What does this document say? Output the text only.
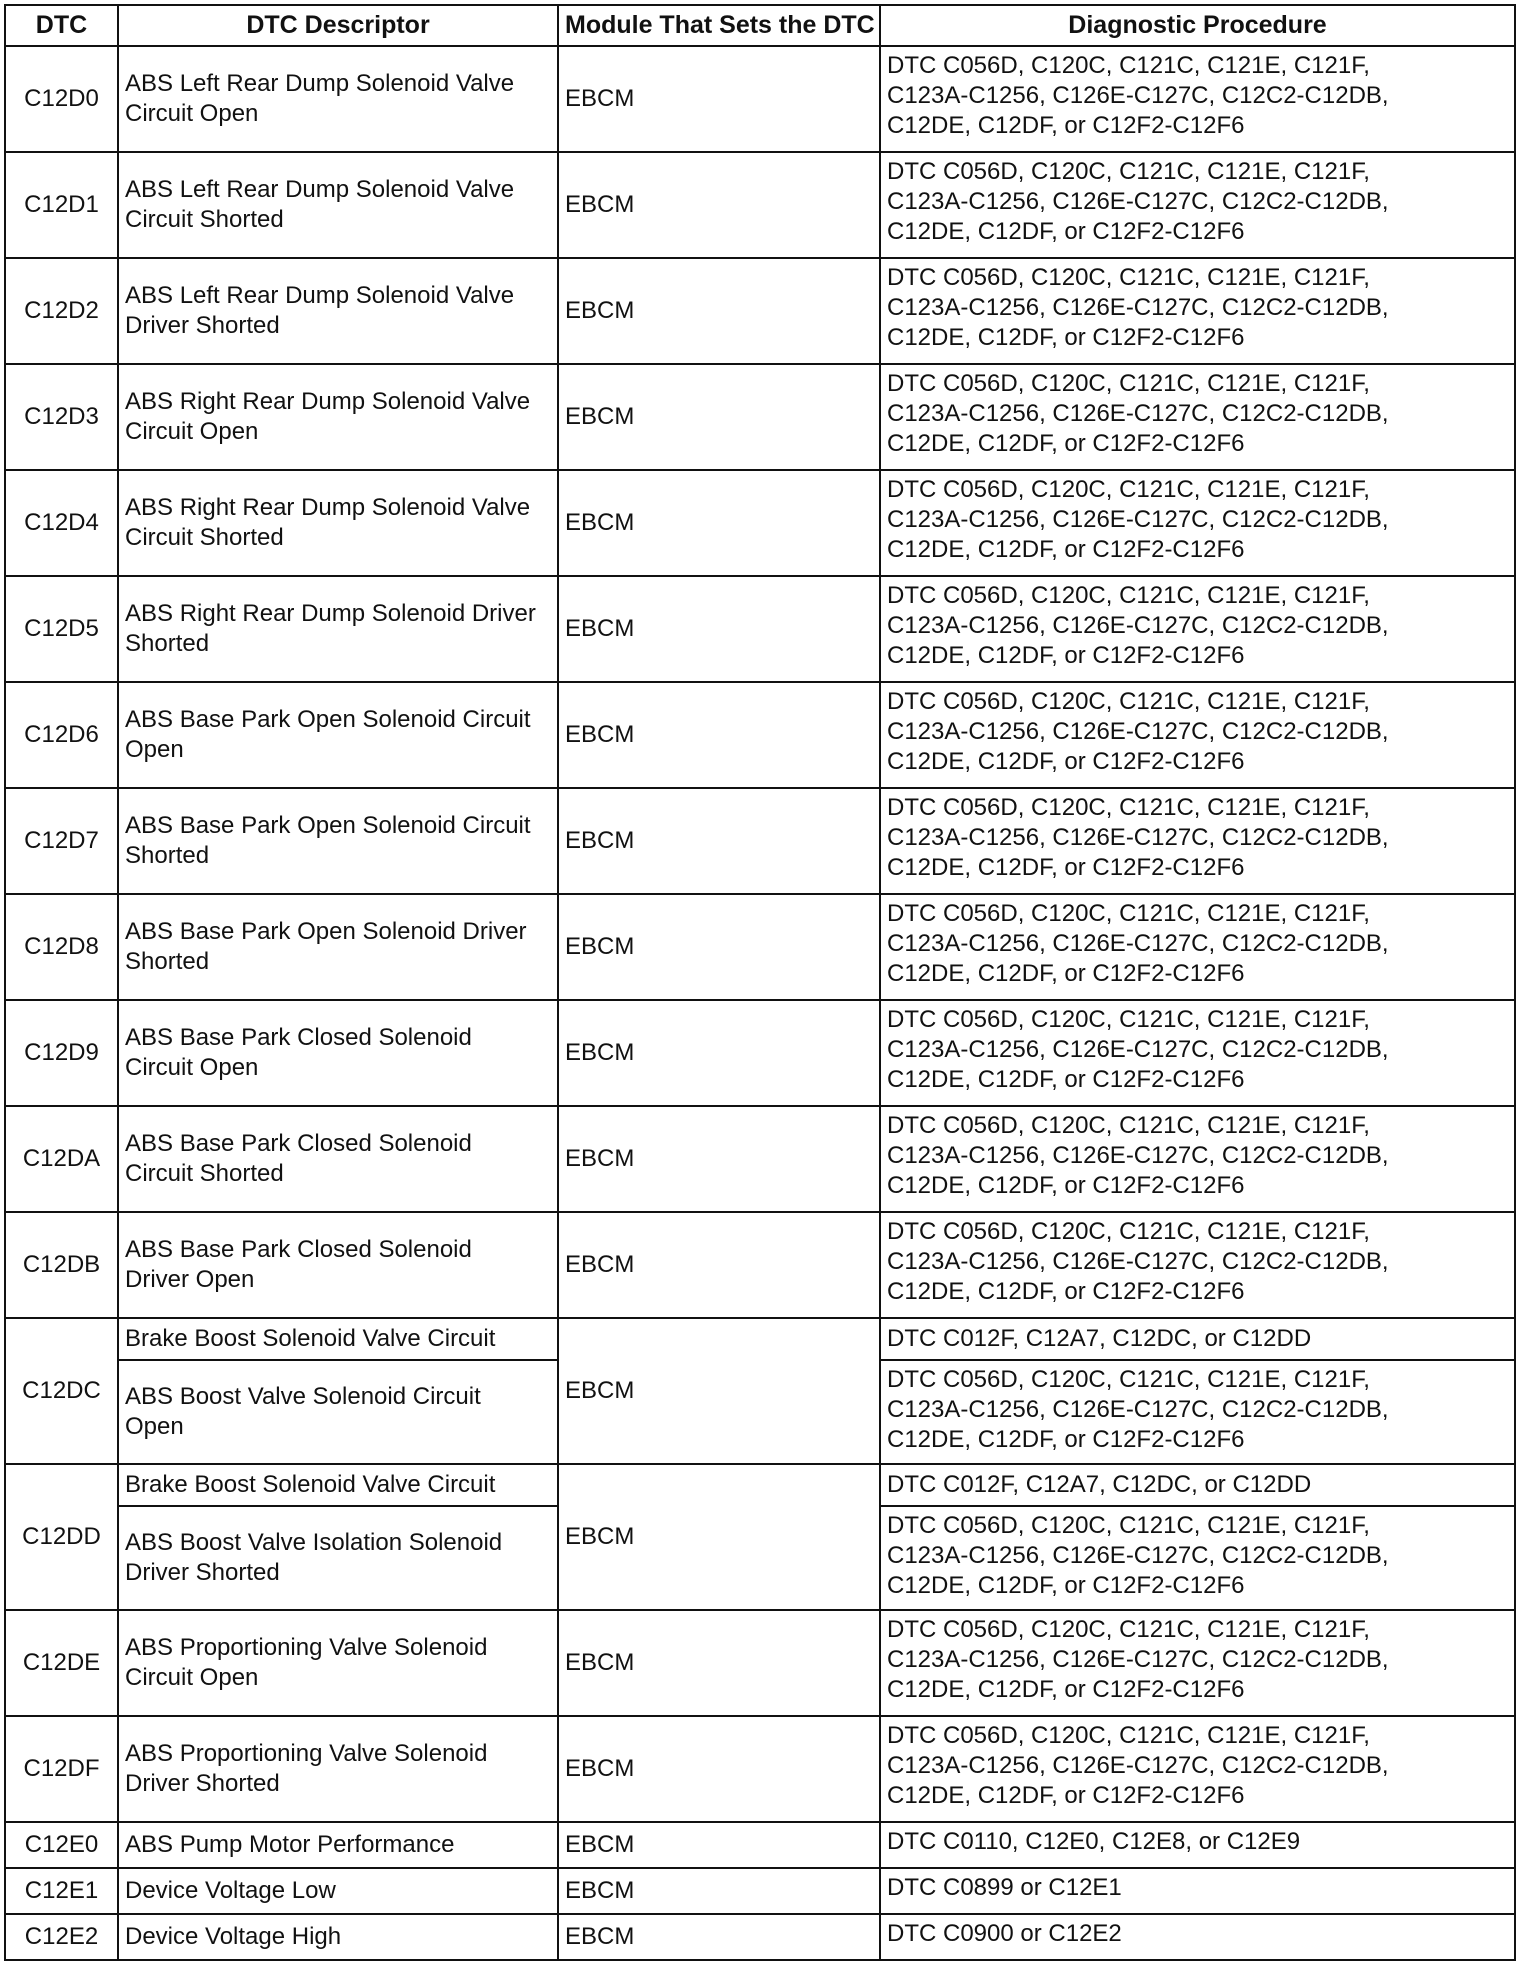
DTC	DTC Descriptor	Module That Sets the DTC	Diagnostic Procedure

C12D0	ABS Left Rear Dump Solenoid Valve
Circuit Open	EBCM	DTC C056D, C120C, C121C, C121E, C121F,
C123A-C1256, C126E-C127C, C12C2-C12DB,
C12DE, C12DF, or C12F2-C12F6

C12D1	ABS Left Rear Dump Solenoid Valve
Circuit Shorted	EBCM	DTC C056D, C120C, C121C, C121E, C121F,
C123A-C1256, C126E-C127C, C12C2-C12DB,
C12DE, C12DF, or C12F2-C12F6

C12D2	ABS Left Rear Dump Solenoid Valve
Driver Shorted	EBCM	DTC C056D, C120C, C121C, C121E, C121F,
C123A-C1256, C126E-C127C, C12C2-C12DB,
C12DE, C12DF, or C12F2-C12F6

C12D3	ABS Right Rear Dump Solenoid Valve
Circuit Open	EBCM	DTC C056D, C120C, C121C, C121E, C121F,
C123A-C1256, C126E-C127C, C12C2-C12DB,
C12DE, C12DF, or C12F2-C12F6

C12D4	ABS Right Rear Dump Solenoid Valve
Circuit Shorted	EBCM	DTC C056D, C120C, C121C, C121E, C121F,
C123A-C1256, C126E-C127C, C12C2-C12DB,
C12DE, C12DF, or C12F2-C12F6

C12D5	ABS Right Rear Dump Solenoid Driver
Shorted	EBCM	DTC C056D, C120C, C121C, C121E, C121F,
C123A-C1256, C126E-C127C, C12C2-C12DB,
C12DE, C12DF, or C12F2-C12F6

C12D6	ABS Base Park Open Solenoid Circuit
Open	EBCM	DTC C056D, C120C, C121C, C121E, C121F,
C123A-C1256, C126E-C127C, C12C2-C12DB,
C12DE, C12DF, or C12F2-C12F6

C12D7	ABS Base Park Open Solenoid Circuit
Shorted	EBCM	DTC C056D, C120C, C121C, C121E, C121F,
C123A-C1256, C126E-C127C, C12C2-C12DB,
C12DE, C12DF, or C12F2-C12F6

C12D8	ABS Base Park Open Solenoid Driver
Shorted	EBCM	DTC C056D, C120C, C121C, C121E, C121F,
C123A-C1256, C126E-C127C, C12C2-C12DB,
C12DE, C12DF, or C12F2-C12F6

C12D9	ABS Base Park Closed Solenoid
Circuit Open	EBCM	DTC C056D, C120C, C121C, C121E, C121F,
C123A-C1256, C126E-C127C, C12C2-C12DB,
C12DE, C12DF, or C12F2-C12F6

C12DA	ABS Base Park Closed Solenoid
Circuit Shorted	EBCM	DTC C056D, C120C, C121C, C121E, C121F,
C123A-C1256, C126E-C127C, C12C2-C12DB,
C12DE, C12DF, or C12F2-C12F6

C12DB	ABS Base Park Closed Solenoid
Driver Open	EBCM	DTC C056D, C120C, C121C, C121E, C121F,
C123A-C1256, C126E-C127C, C12C2-C12DB,
C12DE, C12DF, or C12F2-C12F6

C12DC	Brake Boost Solenoid Valve Circuit	EBCM	DTC C012F, C12A7, C12DC, or C12DD

	ABS Boost Valve Solenoid Circuit
Open		DTC C056D, C120C, C121C, C121E, C121F,
C123A-C1256, C126E-C127C, C12C2-C12DB,
C12DE, C12DF, or C12F2-C12F6

C12DD	Brake Boost Solenoid Valve Circuit	EBCM	DTC C012F, C12A7, C12DC, or C12DD

	ABS Boost Valve Isolation Solenoid
Driver Shorted		DTC C056D, C120C, C121C, C121E, C121F,
C123A-C1256, C126E-C127C, C12C2-C12DB,
C12DE, C12DF, or C12F2-C12F6

C12DE	ABS Proportioning Valve Solenoid
Circuit Open	EBCM	DTC C056D, C120C, C121C, C121E, C121F,
C123A-C1256, C126E-C127C, C12C2-C12DB,
C12DE, C12DF, or C12F2-C12F6

C12DF	ABS Proportioning Valve Solenoid
Driver Shorted	EBCM	DTC C056D, C120C, C121C, C121E, C121F,
C123A-C1256, C126E-C127C, C12C2-C12DB,
C12DE, C12DF, or C12F2-C12F6

C12E0	ABS Pump Motor Performance	EBCM	DTC C0110, C12E0, C12E8, or C12E9

C12E1	Device Voltage Low	EBCM	DTC C0899 or C12E1

C12E2	Device Voltage High	EBCM	DTC C0900 or C12E2
